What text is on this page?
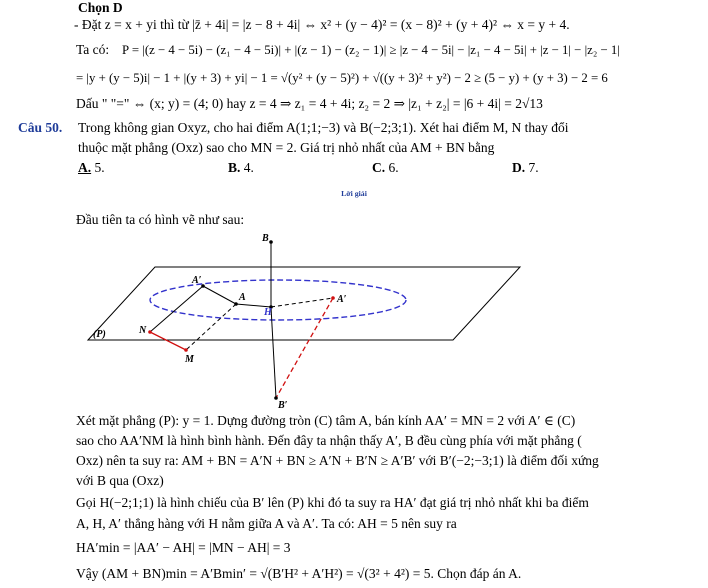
Chọn D
- Đặt z = x + yi thì từ |z̄ + 4i| = |z − 8 + 4i| ⇔ x² + (y − 4)² = (x − 8)² + (y + 4)² ⇔ x = y + 4.
Ta có: P = |(z − 4 − 5i) − (z₁ − 4 − 5i)| + |(z − 1) − (z₂ − 1)| ≥ |z − 4 − 5i| − |z₁ − 4 − 5i| + |z − 1| − |z₂ − 1|
= |y + (y − 5)i| − 1 + |(y + 3) + yi| − 1 = √(y² + (y − 5)²) + √((y + 3)² + y²) − 2 ≥ (5 − y) + (y + 3) − 2 = 6
Dấu " "=" ⇔ (x; y) = (4; 0) hay z = 4 ⇒ z₁ = 4 + 4i; z₂ = 2 ⇒ |z₁ + z₂| = |6 + 4i| = 2√13
Câu 50. Trong không gian Oxyz, cho hai điểm A(1;1;−3) và B(−2;3;1). Xét hai điểm M, N thay đổi
thuộc mặt phẳng (Oxz) sao cho MN = 2. Giá trị nhỏ nhất của AM + BN bằng
A. 5.	B. 4.	C. 6.	D. 7.
Lời giải
Đầu tiên ta có hình vẽ như sau:
B
A′
A
H
A′
(P)	N
M
B′
Xét mặt phẳng (P): y = 1. Dựng đường tròn (C) tâm A, bán kính AA′ = MN = 2 với A′ ∈ (C)
sao cho AA′NM là hình bình hành. Đến đây ta nhận thấy A′, B đều cùng phía với mặt phẳng (
Oxz) nên ta suy ra: AM + BN = A′N + BN ≥ A′N + B′N ≥ A′B′ với B′(−2;−3;1) là điểm đối xứng
với B qua (Oxz)
Gọi H(−2;1;1) là hình chiếu của B′ lên (P) khi đó ta suy ra HA′ đạt giá trị nhỏ nhất khi ba điểm
A, H, A′ thẳng hàng với H nằm giữa A và A′. Ta có: AH = 5 nên suy ra
HA′min = |AA′ − AH| = |MN − AH| = 3
Vậy (AM + BN)min = A′Bmin′ = √(B′H² + A′H²) = √(3² + 4²) = 5. Chọn đáp án A.
